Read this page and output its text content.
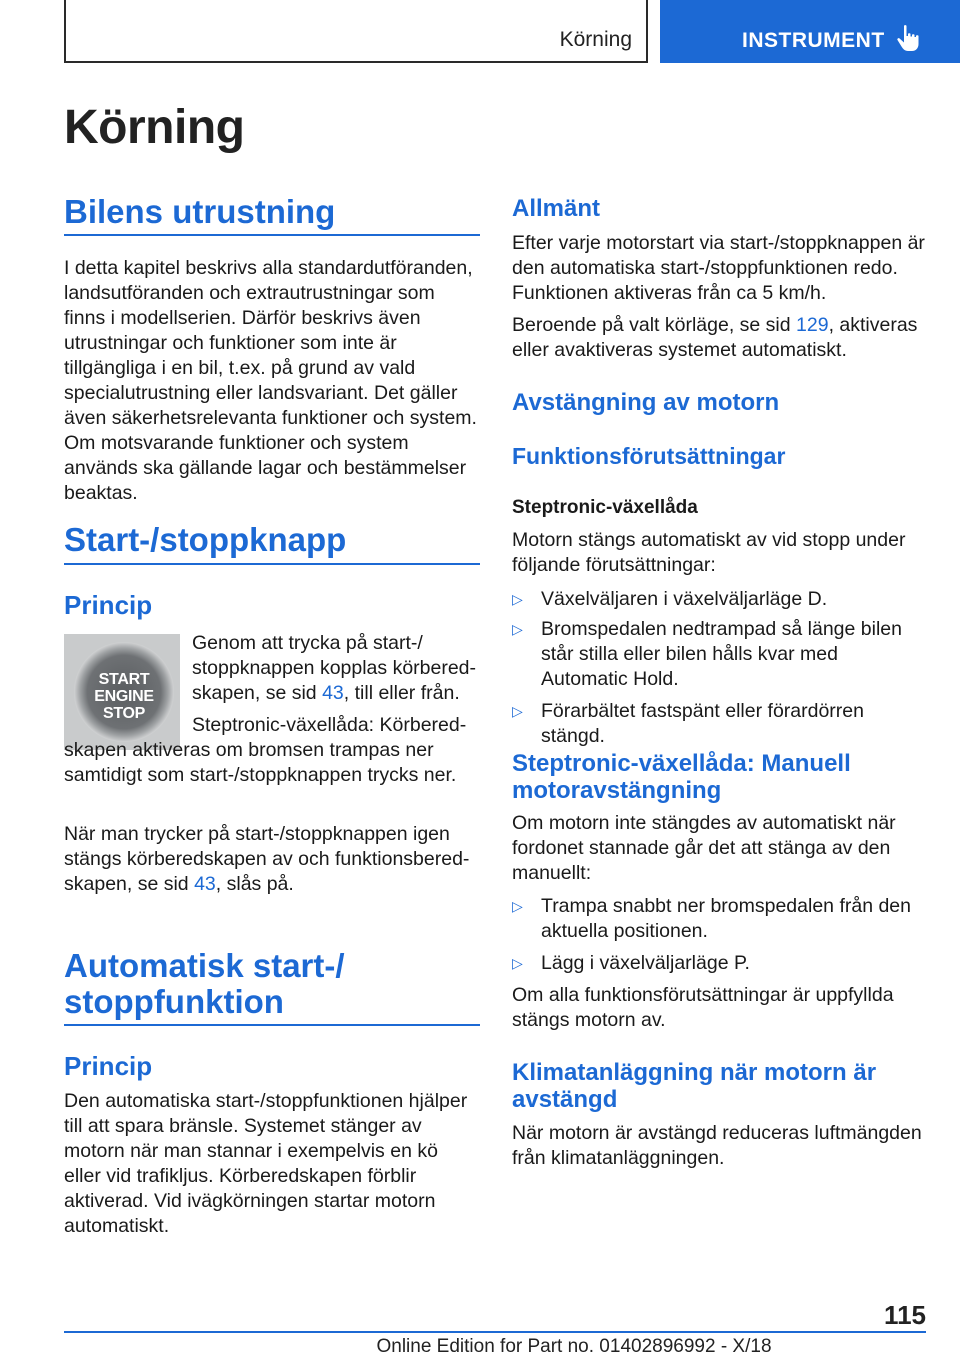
Körning	INSTRUMENT
Körning
Bilens utrustning
I detta kapitel beskrivs alla standardutföranden, landsutföranden och extrautrustningar som finns i modellserien. Därför beskrivs även utrustningar och funktioner som inte är tillgängliga i en bil, t.ex. på grund av vald specialutrustning eller landsvariant. Det gäller även säkerhetsrelevanta funktioner och system. Om motsvarande funktioner och system används ska gällande lagar och bestämmelser beaktas.
Start-/stoppknapp
Princip
START ENGINE STOP
Genom att trycka på start-/ stoppknappen kopplas körberedskapen, se sid 43, till eller från.
Steptronic-växellåda: Körberedskapen aktiveras om bromsen trampas ner samtidigt som start-/stoppknappen trycks ner.
När man trycker på start-/stoppknappen igen stängs körberedskapen av och funktionsberedskapen, se sid 43, slås på.
Automatisk start-/
stoppfunktion
Princip
Den automatiska start-/stoppfunktionen hjälper till att spara bränsle. Systemet stänger av motorn när man stannar i exempelvis en kö eller vid trafikljus. Körberedskapen förblir aktiverad. Vid ivägkörningen startar motorn automatiskt.
Allmänt
Efter varje motorstart via start-/stoppknappen är den automatiska start-/stoppfunktionen redo. Funktionen aktiveras från ca 5 km/h.
Beroende på valt körläge, se sid 129, aktiveras eller avaktiveras systemet automatiskt.
Avstängning av motorn
Funktionsförutsättningar
Steptronic-växellåda
Motorn stängs automatiskt av vid stopp under följande förutsättningar:
▷ Växelväljaren i växelväljarläge D.
▷ Bromspedalen nedtrampad så länge bilen står stilla eller bilen hålls kvar med Automatic Hold.
▷ Förarbältet fastspänt eller förardörren stängd.
Steptronic-växellåda: Manuell
motoravstängning
Om motorn inte stängdes av automatiskt när fordonet stannade går det att stänga av den manuellt:
▷ Trampa snabbt ner bromspedalen från den aktuella positionen.
▷ Lägg i växelväljarläge P.
Om alla funktionsförutsättningar är uppfyllda stängs motorn av.
Klimatanläggning när motorn är
avstängd
När motorn är avstängd reduceras luftmängden från klimatanläggningen.
115
Online Edition for Part no. 01402896992 - X/18
